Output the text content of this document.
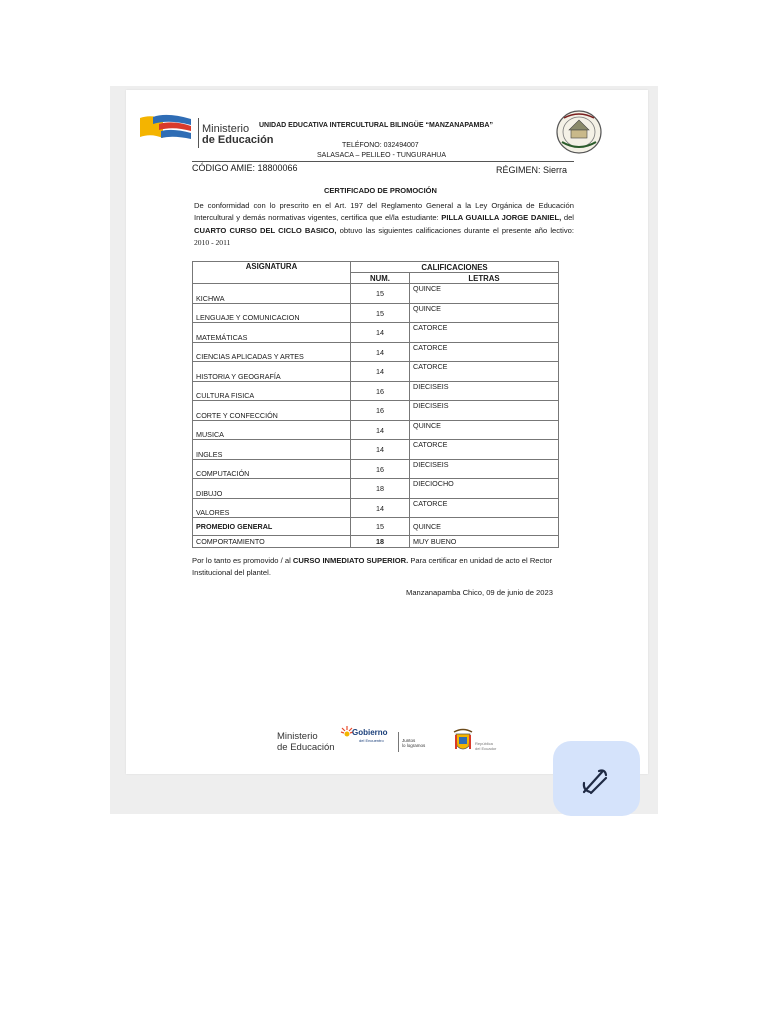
Ministerio
de Educación
UNIDAD EDUCATIVA INTERCULTURAL BILINGÜE “MANZANAPAMBA”
TELÉFONO: 032494007
SALASACA – PELILEO - TUNGURAHUA
CÓDIGO AMIE: 18800066	RÉGIMEN: Sierra
CERTIFICADO DE PROMOCIÓN
De conformidad con lo prescrito en el Art. 197 del Reglamento General a la Ley Orgánica de Educación Intercultural y demás normativas vigentes, certifica que el/la estudiante: PILLA GUAILLA JORGE DANIEL, del CUARTO CURSO DEL CICLO BASICO, obtuvo las siguientes calificaciones durante el presente año lectivo: 2010 - 2011
ASIGNATURA	CALIFICACIONES	
	NUM.	LETRAS
KICHWA	15	QUINCE
LENGUAJE Y COMUNICACION	15	QUINCE
MATEMÁTICAS	14	CATORCE
CIENCIAS APLICADAS Y ARTES	14	CATORCE
HISTORIA Y GEOGRAFÍA	14	CATORCE
CULTURA FISICA	16	DIECISEIS
CORTE Y CONFECCIÓN	16	DIECISEIS
MUSICA	14	QUINCE
INGLES	14	CATORCE
COMPUTACIÓN	16	DIECISEIS
DIBUJO	18	DIECIOCHO
VALORES	14	CATORCE
PROMEDIO GENERAL	15	QUINCE
COMPORTAMIENTO	18	MUY BUENO
Por lo tanto es promovido / al CURSO INMEDIATO SUPERIOR. Para certificar en unidad de acto el Rector Institucional del plantel.
Manzanapamba Chico, 09 de junio de 2023
Ministerio
de Educación
Gobierno
del Encuentro	Juntos
lo logramos	República
del Ecuador
